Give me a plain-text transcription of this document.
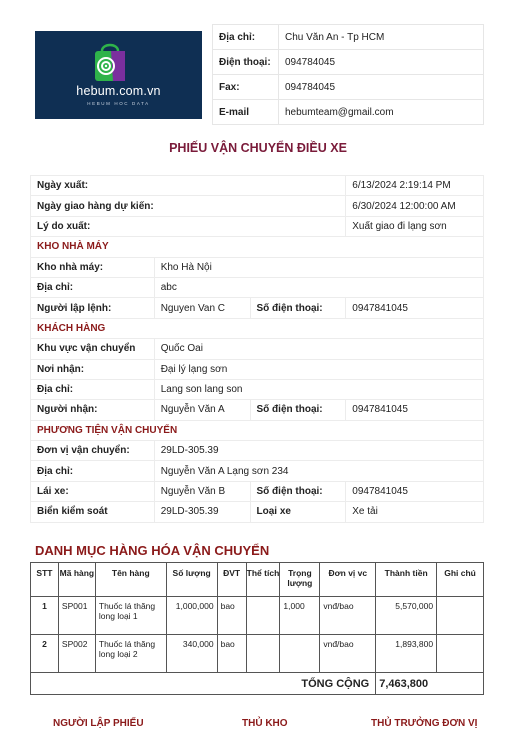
hebum.com.vn
HEBUM HOC DATA
Địa chỉ:	Chu Văn An - Tp HCM
Điện thoại:	094784045
Fax:	094784045
E-mail	hebumteam@gmail.com
PHIẾU VẬN CHUYỂN ĐIỀU XE
Ngày xuất:			6/13/2024 2:19:14 PM
Ngày giao hàng dự kiến:			6/30/2024 12:00:00 AM
Lý do xuất:			Xuất giao đi lạng sơn
KHO NHÀ MÁY			
Kho nhà máy:	Kho Hà Nội		
Địa chỉ:	abc		
Người lập lệnh:	Nguyen Van C	Số điện thoại:	0947841045
KHÁCH HÀNG			
Khu vực vận chuyển	Quốc Oai		
Nơi nhận:	Đại lý lạng sơn		
Địa chỉ:	Lang son lang son		
Người nhận:	Nguyễn Văn A	Số điện thoại:	0947841045
PHƯƠNG TIỆN VẬN CHUYỂN			
Đơn vị vận chuyển:	29LD-305.39		
Địa chỉ:	Nguyễn Văn A Lạng sơn 234		
Lái xe:	Nguyễn Văn B	Số điện thoại:	0947841045
Biển kiểm soát	29LD-305.39	Loại xe	Xe tải
DANH MỤC HÀNG HÓA VẬN CHUYỂN
STT	Mã hàng	Tên hàng	Số lượng	ĐVT	Thể tích	Trọng lượng	Đơn vị vc	Thành tiền	Ghi chú
1	SP001	Thuốc lá thăng long loại 1	1,000,000	bao		1,000	vnđ/bao	5,570,000	
2	SP002	Thuốc lá thăng long loại 2	340,000	bao			vnđ/bao	1,893,800	
TỔNG CỘNG								7,463,800	
NGƯỜI LẬP PHIẾU	THỦ KHO	THỦ TRƯỞNG ĐƠN VỊ
